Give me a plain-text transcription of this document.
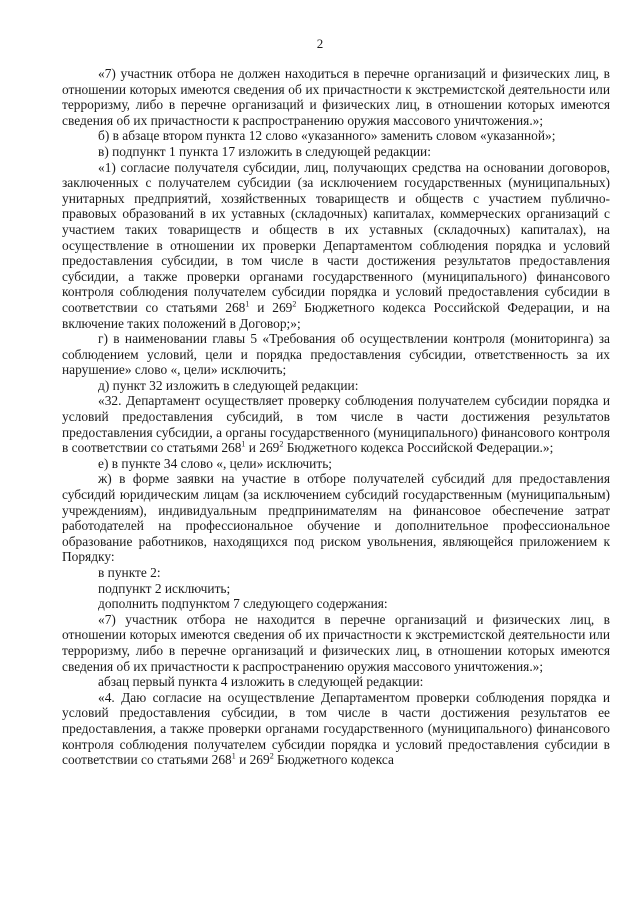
2

«7) участник отбора не должен находиться в перечне организаций и физических лиц, в отношении которых имеются сведения об их причастности к экстремистской деятельности или терроризму, либо в перечне организаций и физических лиц, в отношении которых имеются сведения об их причастности к распространению оружия массового уничтожения.»;

б) в абзаце втором пункта 12 слово «указанного» заменить словом «указанной»;

в) подпункт 1 пункта 17 изложить в следующей редакции:

«1) согласие получателя субсидии, лиц, получающих средства на основании договоров, заключенных с получателем субсидии (за исключением государственных (муниципальных) унитарных предприятий, хозяйственных товариществ и обществ с участием публично-правовых образований в их уставных (складочных) капиталах, коммерческих организаций с участием таких товариществ и обществ в их уставных (складочных) капиталах), на осуществление в отношении их проверки Департаментом соблюдения порядка и условий предоставления субсидии, в том числе в части достижения результатов предоставления субсидии, а также проверки органами государственного (муниципального) финансового контроля соблюдения получателем субсидии порядка и условий предоставления субсидии в соответствии со статьями $268^1$ и $269^2$ Бюджетного кодекса Российской Федерации, и на включение таких положений в Договор;»;

г) в наименовании главы 5 «Требования об осуществлении контроля (мониторинга) за соблюдением условий, цели и порядка предоставления субсидии, ответственность за их нарушение» слово «, цели» исключить;

д) пункт 32 изложить в следующей редакции:

«32. Департамент осуществляет проверку соблюдения получателем субсидии порядка и условий предоставления субсидий, в том числе в части достижения результатов предоставления субсидии, а органы государственного (муниципального) финансового контроля в соответствии со статьями $268^1$ и $269^2$ Бюджетного кодекса Российской Федерации.»;

е) в пункте 34 слово «, цели» исключить;

ж) в форме заявки на участие в отборе получателей субсидий для предоставления субсидий юридическим лицам (за исключением субсидий государственным (муниципальным) учреждениям), индивидуальным предпринимателям на финансовое обеспечение затрат работодателей на профессиональное обучение и дополнительное профессиональное образование работников, находящихся под риском увольнения, являющейся приложением к Порядку:

в пункте 2:

подпункт 2 исключить;

дополнить подпунктом 7 следующего содержания:

«7) участник отбора не находится в перечне организаций и физических лиц, в отношении которых имеются сведения об их причастности к экстремистской деятельности или терроризму, либо в перечне организаций и физических лиц, в отношении которых имеются сведения об их причастности к распространению оружия массового уничтожения.»;

абзац первый пункта 4 изложить в следующей редакции:

«4. Даю согласие на осуществление Департаментом проверки соблюдения порядка и условий предоставления субсидии, в том числе в части достижения результатов ее предоставления, а также проверки органами государственного (муниципального) финансового контроля соблюдения получателем субсидии порядка и условий предоставления субсидии в соответствии со статьями $268^1$ и $269^2$ Бюджетного кодекса
